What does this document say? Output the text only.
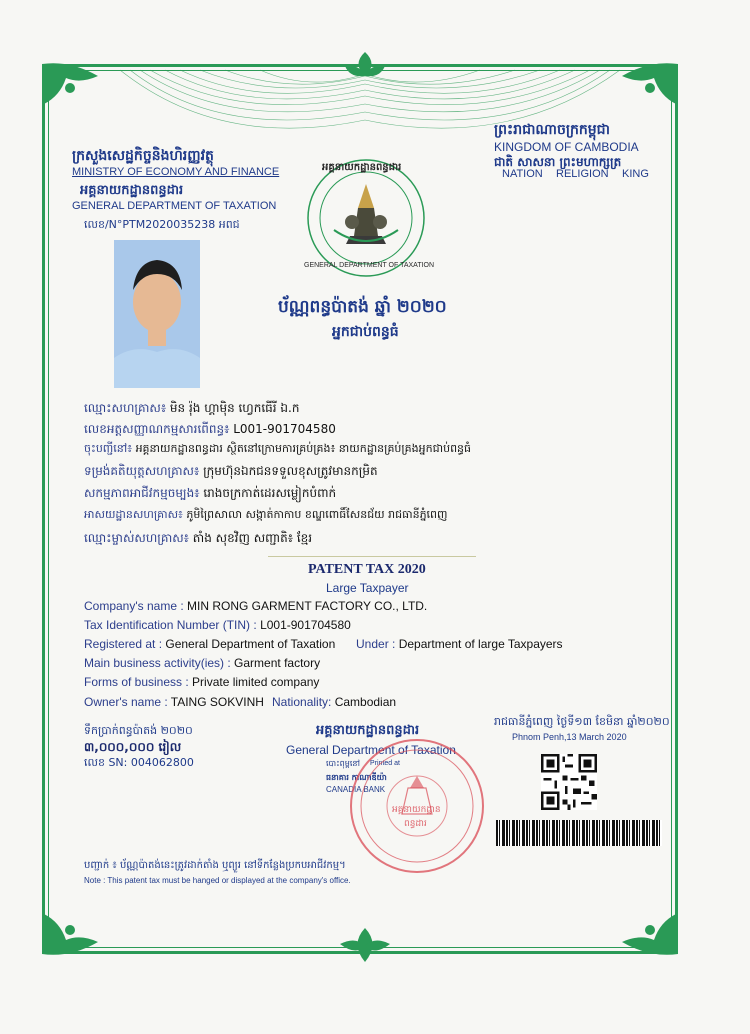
ក្រសួងសេដ្ឋកិច្ចនិងហិរញ្ញវត្ថុ
MINISTRY OF ECONOMY AND FINANCE
អគ្គនាយកដ្ឋានពន្ធដារ
GENERAL DEPARTMENT OF TAXATION
លេខ/N°PTM2020035238 អពជ
ព្រះរាជាណាចក្រកម្ពុជា
KINGDOM OF CAMBODIA
ជាតិ សាសនា ព្រះមហាក្សត្រ
NATION RELIGION KING
អគ្គនាយកដ្ឋានពន្ធដារ
GENERAL DEPARTMENT OF TAXATION
ប័ណ្ណពន្ធប៉ាតង់ ឆ្នាំ ២០២០
អ្នកជាប់ពន្ធធំ
ឈ្មោះសហគ្រាស៖ មិន រ៉ុង ហ្គាម៉ិន ហ្វេកធើរី ឯ.ក
លេខអត្តសញ្ញាណកម្មសារពើពន្ធ៖ L001-901704580
ចុះបញ្ជីនៅ៖ អគ្គនាយកដ្ឋានពន្ធដារ ស្ថិតនៅក្រោមការគ្រប់គ្រង៖ នាយកដ្ឋានគ្រប់គ្រងអ្នកជាប់ពន្ធធំ
ទម្រង់គតិយុត្តសហគ្រាស៖ ក្រុមហ៊ុនឯកជនទទួលខុសត្រូវមានកម្រិត
សកម្មភាពអាជីវកម្មចម្បង៖ រោងចក្រកាត់ដេរសម្លៀកបំពាក់
អាសយដ្ឋានសហគ្រាស៖ ភូមិព្រៃសាលា សង្កាត់កាកាប ខណ្ឌពោធិ៍សែនជ័យ រាជធានីភ្នំពេញ
ឈ្មោះម្ចាស់សហគ្រាស៖ តាំង សុខវិញ សញ្ជាតិ៖ ខ្មែរ
PATENT TAX 2020
Large Taxpayer
Company's name : MIN RONG GARMENT FACTORY CO., LTD.
Tax Identification Number (TIN) : L001-901704580
Registered at : General Department of Taxation Under : Department of large Taxpayers
Main business activity(ies) : Garment factory
Forms of business : Private limited company
Owner's name : TAING SOKVINH Nationality: Cambodian
ទឹកប្រាក់ពន្ធប៉ាតង់ ២០២០
៣,០០០,០០០ រៀល
លេខ SN: 004062800
អគ្គនាយកដ្ឋានពន្ធដារ
General Department of Taxation
បោះពុម្ពនៅ Printed at
ធនាគារ កាណាឌីយ៉ា
CANADIA BANK
អគ្គនាយកដ្ឋាន
ពន្ធដារ
រាជធានីភ្នំពេញ ថ្ងៃទី១៣ ខែមិនា ឆ្នាំ២០២០
Phnom Penh,13 March 2020
បញ្ជាក់ ៖ ប័ណ្ណប៉ាតង់នេះត្រូវដាក់តាំង ឬព្យួរ នៅទីកន្លែងប្រកបអាជីវកម្ម។
Note : This patent tax must be hanged or displayed at the company's office.
